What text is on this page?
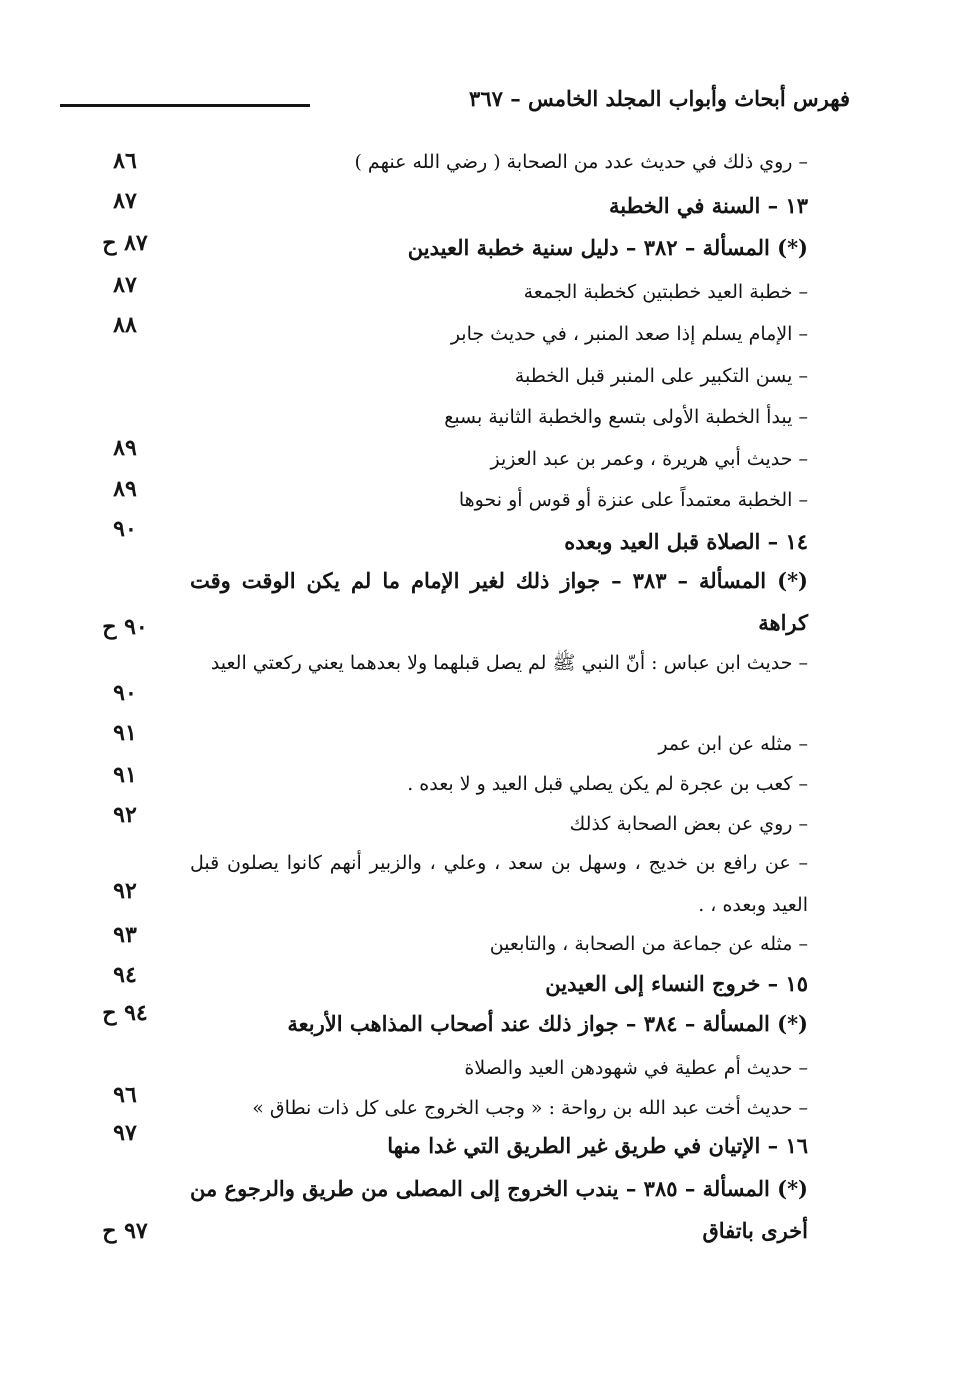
فهرس أبحاث وأبواب المجلد الخامس – ٣٦٧
– روي ذلك في حديث عدد من الصحابة ( رضي الله عنهم )
٨٦
١٣ – السنة في الخطبة
٨٧
(*) المسألة – ٣٨٢ – دليل سنية خطبة العيدين
٨٧ ح
– خطبة العيد خطبتين كخطبة الجمعة
٨٧
– الإمام يسلم إذا صعد المنبر ، في حديث جابر
٨٨
– يسن التكبير على المنبر قبل الخطبة
– يبدأ الخطبة الأولى بتسع والخطبة الثانية بسبع
– حديث أبي هريرة ، وعمر بن عبد العزيز
٨٩
– الخطبة معتمداً على عنزة أو قوس أو نحوها
٨٩
١٤ – الصلاة قبل العيد وبعده
٩٠
(*) المسألة – ٣٨٣ – جواز ذلك لغير الإمام ما لم يكن الوقت وقت كراهة
٩٠ ح
– حديث ابن عباس : أنّ النبي ﷺ لم يصل قبلهما ولا بعدهما يعني ركعتي العيد
٩٠
– مثله عن ابن عمر
٩١
– كعب بن عجرة لم يكن يصلي قبل العيد و لا بعده .
٩١
– روي عن بعض الصحابة كذلك
٩٢
– عن رافع بن خديج ، وسهل بن سعد ، وعلي ، والزبير أنهم كانوا يصلون قبل العيد وبعده ، .
٩٢
– مثله عن جماعة من الصحابة ، والتابعين
٩٣
١٥ – خروج النساء إلى العيدين
٩٤
(*) المسألة – ٣٨٤ – جواز ذلك عند أصحاب المذاهب الأربعة
٩٤ ح
– حديث أم عطية في شهودهن العيد والصلاة
– حديث أخت عبد الله بن رواحة : « وجب الخروج على كل ذات نطاق »
٩٦
١٦ – الإتيان في طريق غير الطريق التي غدا منها
٩٧
(*) المسألة – ٣٨٥ – يندب الخروج إلى المصلى من طريق والرجوع من أخرى باتفاق
٩٧ ح
